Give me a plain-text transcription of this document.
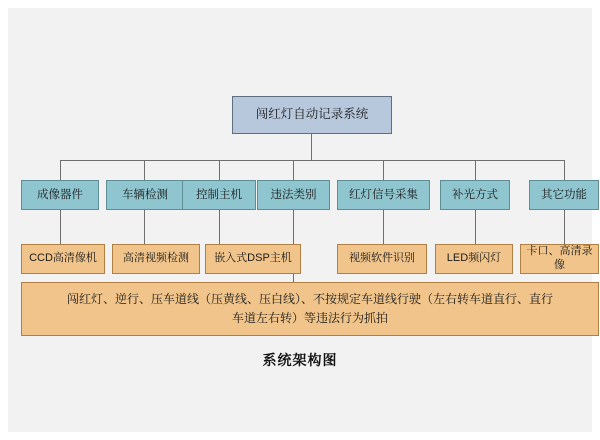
闯红灯自动记录系统
成像器件	车辆检测	控制主机	违法类别	红灯信号采集	补光方式	其它功能
CCD高清像机	高清视频检测	嵌入式DSP主机	视频软件识别	LED频闪灯
卡口、高清录像
闯红灯、逆行、压车道线（压黄线、压白线）、不按规定车道线行驶（左右转车道直行、直行
车道左右转）等违法行为抓拍
系统架构图
